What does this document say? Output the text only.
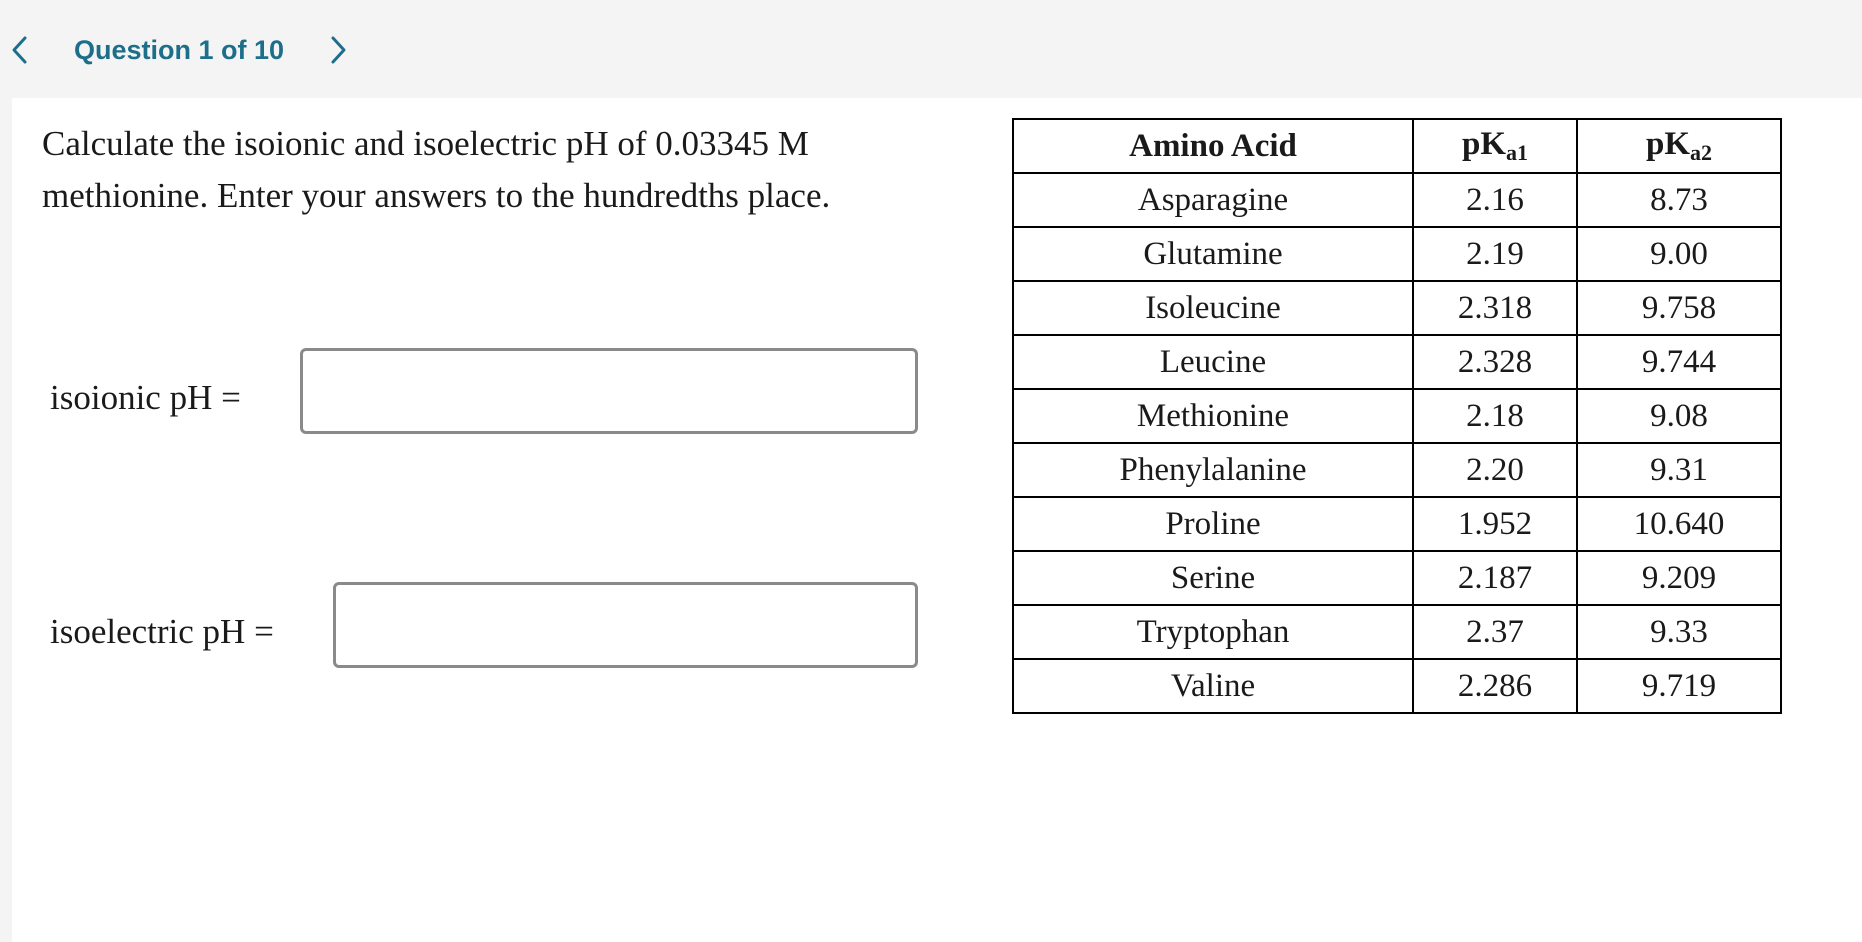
Question 1 of 10
Calculate the isoionic and isoelectric pH of 0.03345 M methionine. Enter your answers to the hundredths place.
isoionic pH =
isoelectric pH =
Amino Acid	$pK_{a1}$	$pK_{a2}$
Asparagine	2.16	8.73
Glutamine	2.19	9.00
Isoleucine	2.318	9.758
Leucine	2.328	9.744
Methionine	2.18	9.08
Phenylalanine	2.20	9.31
Proline	1.952	10.640
Serine	2.187	9.209
Tryptophan	2.37	9.33
Valine	2.286	9.719
